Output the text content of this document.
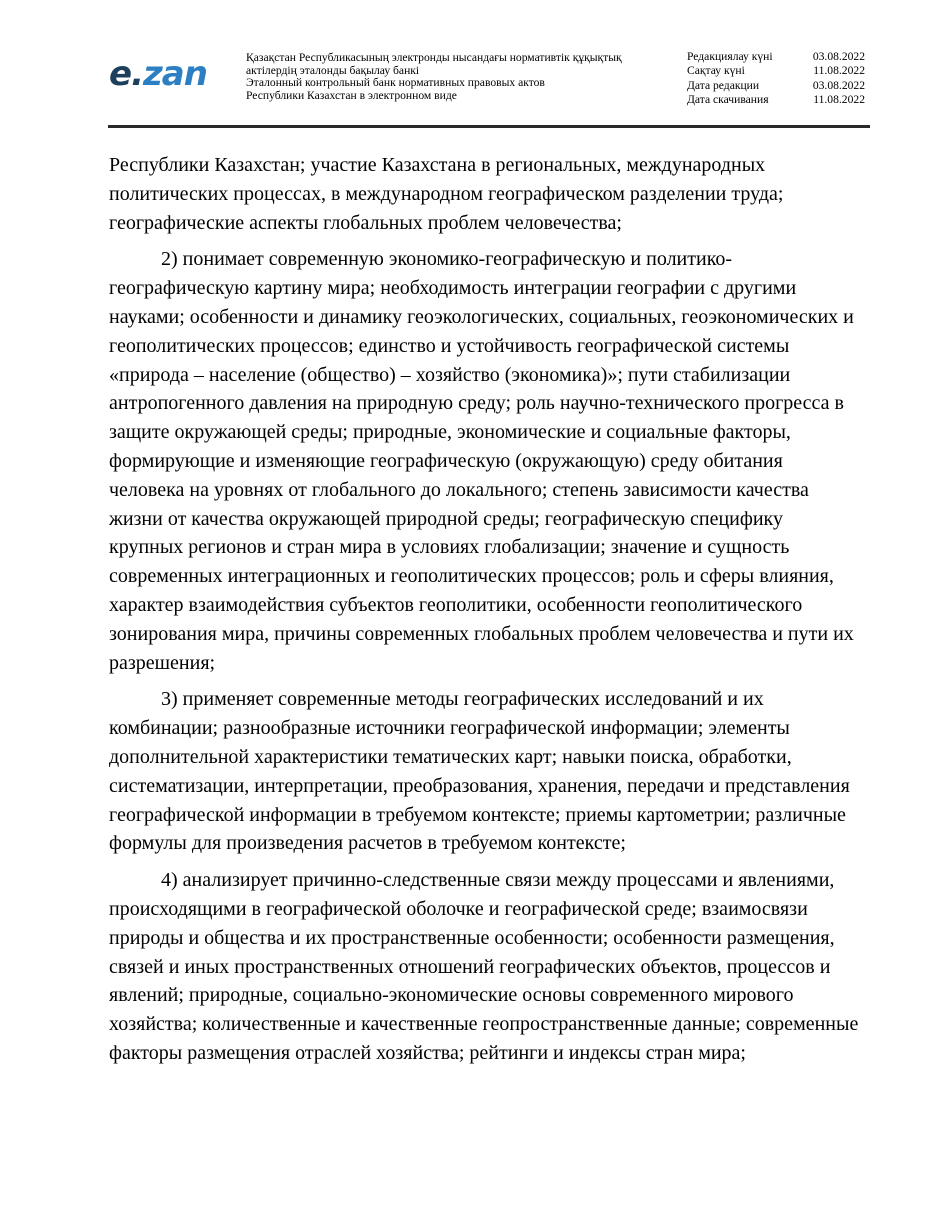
e.zan	Қазақстан Республикасының электронды нысандағы нормативтік құқықтық
актілердің эталонды бақылау банкі
Эталонный контрольный банк нормативных правовых актов
Республики Казахстан в электронном виде
Редакциялау күні	03.08.2022
Сақтау күні	11.08.2022
Дата редакции	03.08.2022
Дата скачивания	11.08.2022

Республики Казахстан; участие Казахстана в региональных, международных политических процессах, в международном географическом разделении труда; географические аспекты глобальных проблем человечества;

2) понимает современную экономико-географическую и политико-географическую картину мира; необходимость интеграции географии с другими науками; особенности и динамику геоэкологических, социальных, геоэкономических и геополитических процессов; единство и устойчивость географической системы «природа – население (общество) – хозяйство (экономика)»; пути стабилизации антропогенного давления на природную среду; роль научно-технического прогресса в защите окружающей среды; природные, экономические и социальные факторы, формирующие и изменяющие географическую (окружающую) среду обитания человека на уровнях от глобального до локального; степень зависимости качества жизни от качества окружающей природной среды; географическую специфику крупных регионов и стран мира в условиях глобализации; значение и сущность современных интеграционных и геополитических процессов; роль и сферы влияния, характер взаимодействия субъектов геополитики, особенности геополитического зонирования мира, причины современных глобальных проблем человечества и пути их разрешения;

3) применяет современные методы географических исследований и их комбинации; разнообразные источники географической информации; элементы дополнительной характеристики тематических карт; навыки поиска, обработки, систематизации, интерпретации, преобразования, хранения, передачи и представления географической информации в требуемом контексте; приемы картометрии; различные формулы для произведения расчетов в требуемом контексте;

4) анализирует причинно-следственные связи между процессами и явлениями, происходящими в географической оболочке и географической среде; взаимосвязи природы и общества и их пространственные особенности; особенности размещения, связей и иных пространственных отношений географических объектов, процессов и явлений; природные, социально-экономические основы современного мирового хозяйства; количественные и качественные геопространственные данные; современные факторы размещения отраслей хозяйства; рейтинги и индексы стран мира;
